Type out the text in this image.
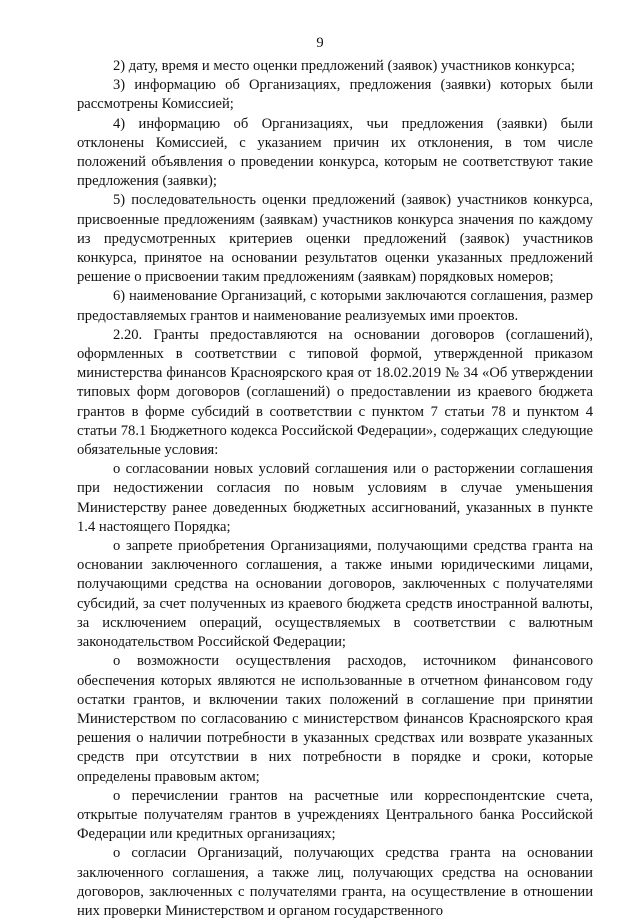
9

2) дату, время и место оценки предложений (заявок) участников конкурса;

3) информацию об Организациях, предложения (заявки) которых были рассмотрены Комиссией;

4) информацию об Организациях, чьи предложения (заявки) были отклонены Комиссией, с указанием причин их отклонения, в том числе положений объявления о проведении конкурса, которым не соответствуют такие предложения (заявки);

5) последовательность оценки предложений (заявок) участников конкурса, присвоенные предложениям (заявкам) участников конкурса значения по каждому из предусмотренных критериев оценки предложений (заявок) участников конкурса, принятое на основании результатов оценки указанных предложений решение о присвоении таким предложениям (заявкам) порядковых номеров;

6) наименование Организаций, с которыми заключаются соглашения, размер предоставляемых грантов и наименование реализуемых ими проектов.

2.20. Гранты предоставляются на основании договоров (соглашений), оформленных в соответствии с типовой формой, утвержденной приказом министерства финансов Красноярского края от 18.02.2019 № 34 «Об утверждении типовых форм договоров (соглашений) о предоставлении из краевого бюджета грантов в форме субсидий в соответствии с пунктом 7 статьи 78 и пунктом 4 статьи 78.1 Бюджетного кодекса Российской Федерации», содержащих следующие обязательные условия:

о согласовании новых условий соглашения или о расторжении соглашения при недостижении согласия по новым условиям в случае уменьшения Министерству ранее доведенных бюджетных ассигнований, указанных в пункте 1.4 настоящего Порядка;

о запрете приобретения Организациями, получающими средства гранта на основании заключенного соглашения, а также иными юридическими лицами, получающими средства на основании договоров, заключенных с получателями субсидий, за счет полученных из краевого бюджета средств иностранной валюты, за исключением операций, осуществляемых в соответствии с валютным законодательством Российской Федерации;

о возможности осуществления расходов, источником финансового обеспечения которых являются не использованные в отчетном финансовом году остатки грантов, и включении таких положений в соглашение при принятии Министерством по согласованию с министерством финансов Красноярского края решения о наличии потребности в указанных средствах или возврате указанных средств при отсутствии в них потребности в порядке и сроки, которые определены правовым актом;

о перечислении грантов на расчетные или корреспондентские счета, открытые получателям грантов в учреждениях Центрального банка Российской Федерации или кредитных организациях;

о согласии Организаций, получающих средства гранта на основании заключенного соглашения, а также лиц, получающих средства на основании договоров, заключенных с получателями гранта, на осуществление в отношении них проверки Министерством и органом государственного
